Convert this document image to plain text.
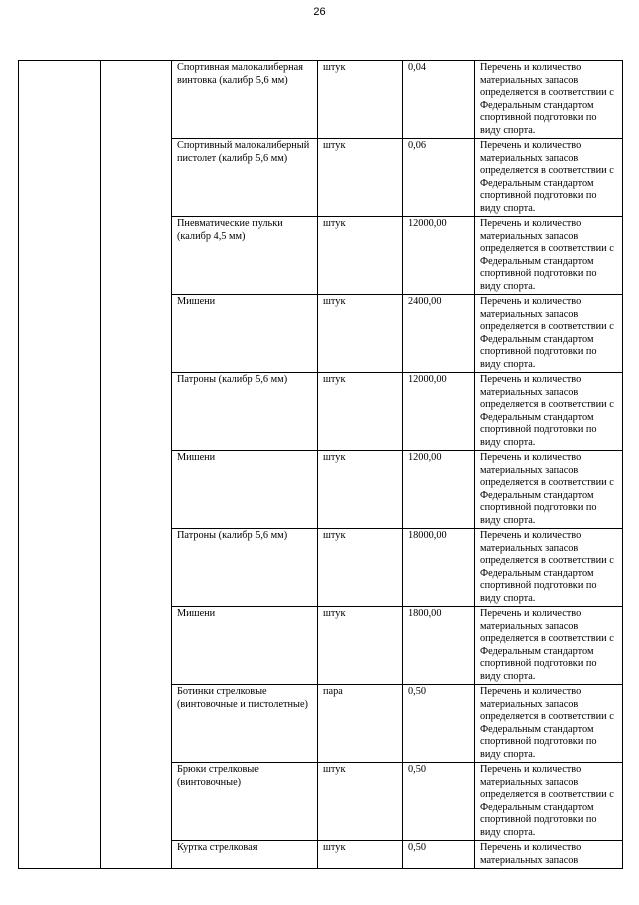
26
		Спортивная малокалиберная винтовка (калибр 5,6 мм)	штук	0,04	Перечень и количество материальных запасов определяется в соответствии с Федеральным стандартом спортивной подготовки по виду спорта.
		Спортивный малокалиберный пистолет (калибр 5,6 мм)	штук	0,06	Перечень и количество материальных запасов определяется в соответствии с Федеральным стандартом спортивной подготовки по виду спорта.
		Пневматические пульки (калибр 4,5 мм)	штук	12000,00	Перечень и количество материальных запасов определяется в соответствии с Федеральным стандартом спортивной подготовки по виду спорта.
		Мишени	штук	2400,00	Перечень и количество материальных запасов определяется в соответствии с Федеральным стандартом спортивной подготовки по виду спорта.
		Патроны (калибр 5,6 мм)	штук	12000,00	Перечень и количество материальных запасов определяется в соответствии с Федеральным стандартом спортивной подготовки по виду спорта.
		Мишени	штук	1200,00	Перечень и количество материальных запасов определяется в соответствии с Федеральным стандартом спортивной подготовки по виду спорта.
		Патроны (калибр 5,6 мм)	штук	18000,00	Перечень и количество материальных запасов определяется в соответствии с Федеральным стандартом спортивной подготовки по виду спорта.
		Мишени	штук	1800,00	Перечень и количество материальных запасов определяется в соответствии с Федеральным стандартом спортивной подготовки по виду спорта.
		Ботинки стрелковые (винтовочные и пистолетные)	пара	0,50	Перечень и количество материальных запасов определяется в соответствии с Федеральным стандартом спортивной подготовки по виду спорта.
		Брюки стрелковые (винтовочные)	штук	0,50	Перечень и количество материальных запасов определяется в соответствии с Федеральным стандартом спортивной подготовки по виду спорта.
		Куртка стрелковая	штук	0,50	Перечень и количество материальных запасов
